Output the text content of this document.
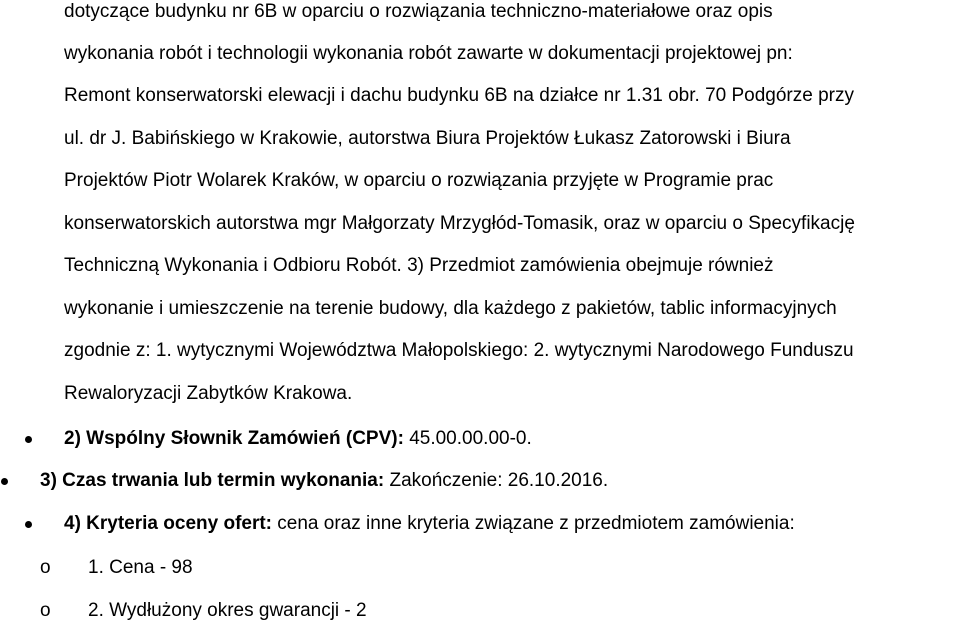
dotyczące budynku nr 6B w oparciu o rozwiązania techniczno-materiałowe oraz opis
wykonania robót i technologii wykonania robót zawarte w dokumentacji projektowej pn:
Remont konserwatorski elewacji i dachu budynku 6B na działce nr 1.31 obr. 70 Podgórze przy
ul. dr J. Babińskiego w Krakowie, autorstwa Biura Projektów Łukasz Zatorowski i Biura
Projektów Piotr Wolarek Kraków, w oparciu o rozwiązania przyjęte w Programie prac
konserwatorskich autorstwa mgr Małgorzaty Mrzygłód-Tomasik, oraz w oparciu o Specyfikację
Techniczną Wykonania i Odbioru Robót. 3) Przedmiot zamówienia obejmuje również
wykonanie i umieszczenie na terenie budowy, dla każdego z pakietów, tablic informacyjnych
zgodnie z: 1. wytycznymi Województwa Małopolskiego: 2. wytycznymi Narodowego Funduszu
Rewaloryzacji Zabytków Krakowa.
2) Wspólny Słownik Zamówień (CPV): 45.00.00.00-0.
3) Czas trwania lub termin wykonania: Zakończenie: 26.10.2016.
4) Kryteria oceny ofert: cena oraz inne kryteria związane z przedmiotem zamówienia:
o 1. Cena - 98
o 2. Wydłużony okres gwarancji - 2
